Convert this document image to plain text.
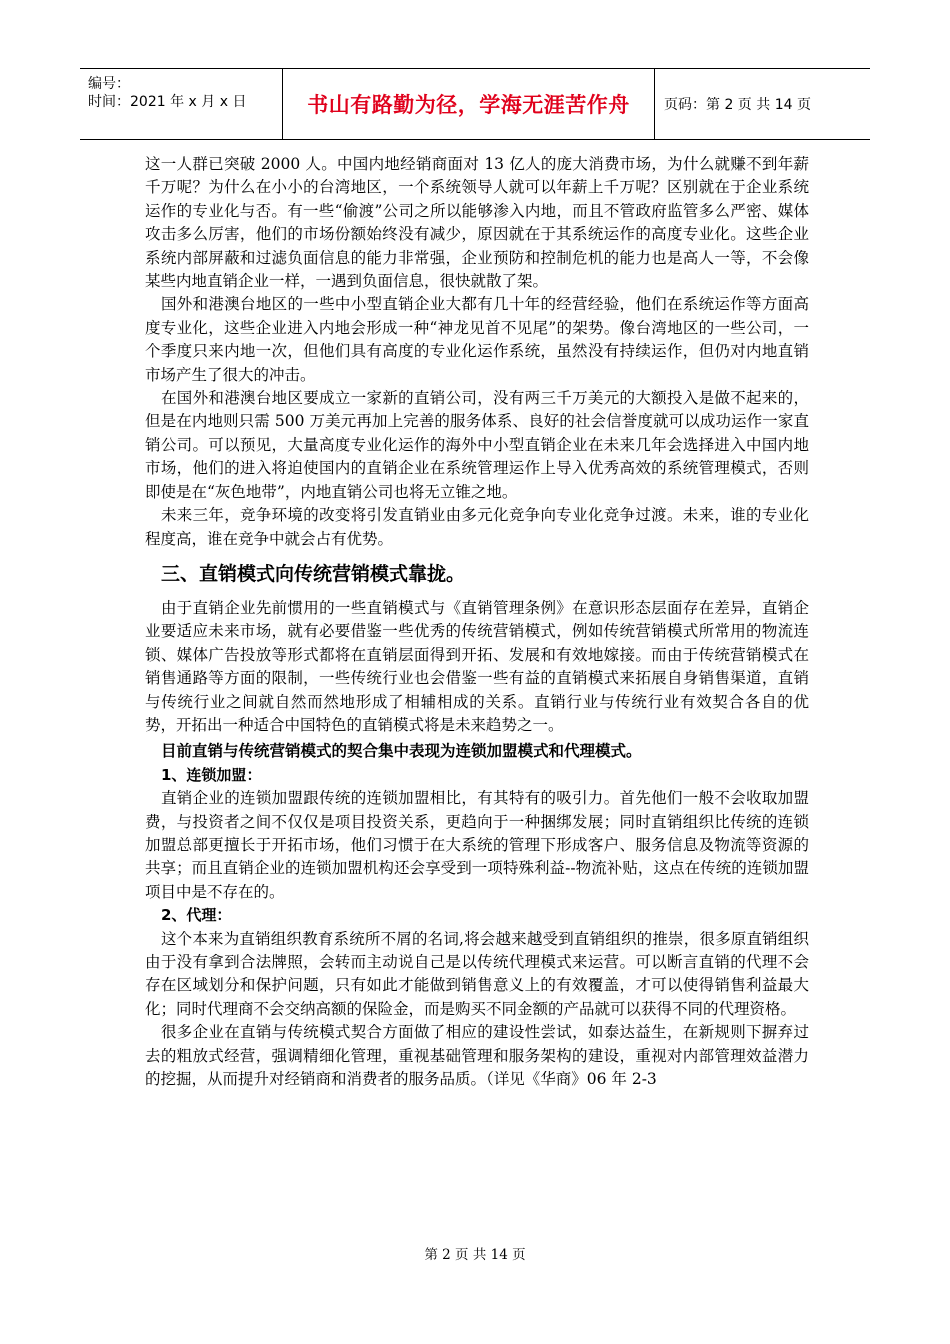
编号：
时间：2021 年 x 月 x 日	书山有路勤为径，学海无涯苦作舟	页码：第 2 页 共 14 页

这一人群已突破 2000 人。中国内地经销商面对 13 亿人的庞大消费市场，为什么就赚不到年薪千万呢？为什么在小小的台湾地区，一个系统领导人就可以年薪上千万呢？区别就在于企业系统运作的专业化与否。有一些“偷渡”公司之所以能够渗入内地，而且不管政府监管多么严密、媒体攻击多么厉害，他们的市场份额始终没有减少，原因就在于其系统运作的高度专业化。这些企业系统内部屏蔽和过滤负面信息的能力非常强，企业预防和控制危机的能力也是高人一等，不会像某些内地直销企业一样，一遇到负面信息，很快就散了架。

国外和港澳台地区的一些中小型直销企业大都有几十年的经营经验，他们在系统运作等方面高度专业化，这些企业进入内地会形成一种“神龙见首不见尾”的架势。像台湾地区的一些公司，一个季度只来内地一次，但他们具有高度的专业化运作系统，虽然没有持续运作，但仍对内地直销市场产生了很大的冲击。

在国外和港澳台地区要成立一家新的直销公司，没有两三千万美元的大额投入是做不起来的，但是在内地则只需 500 万美元再加上完善的服务体系、良好的社会信誉度就可以成功运作一家直销公司。可以预见，大量高度专业化运作的海外中小型直销企业在未来几年会选择进入中国内地市场，他们的进入将迫使国内的直销企业在系统管理运作上导入优秀高效的系统管理模式，否则即使是在“灰色地带”，内地直销公司也将无立锥之地。

未来三年，竞争环境的改变将引发直销业由多元化竞争向专业化竞争过渡。未来，谁的专业化程度高，谁在竞争中就会占有优势。

三、直销模式向传统营销模式靠拢。

由于直销企业先前惯用的一些直销模式与《直销管理条例》在意识形态层面存在差异，直销企业要适应未来市场，就有必要借鉴一些优秀的传统营销模式，例如传统营销模式所常用的物流连锁、媒体广告投放等形式都将在直销层面得到开拓、发展和有效地嫁接。而由于传统营销模式在销售通路等方面的限制，一些传统行业也会借鉴一些有益的直销模式来拓展自身销售渠道，直销与传统行业之间就自然而然地形成了相辅相成的关系。直销行业与传统行业有效契合各自的优势，开拓出一种适合中国特色的直销模式将是未来趋势之一。

目前直销与传统营销模式的契合集中表现为连锁加盟模式和代理模式。

1、连锁加盟：

直销企业的连锁加盟跟传统的连锁加盟相比，有其特有的吸引力。首先他们一般不会收取加盟费，与投资者之间不仅仅是项目投资关系，更趋向于一种捆绑发展；同时直销组织比传统的连锁加盟总部更擅长于开拓市场，他们习惯于在大系统的管理下形成客户、服务信息及物流等资源的共享；而且直销企业的连锁加盟机构还会享受到一项特殊利益--物流补贴，这点在传统的连锁加盟项目中是不存在的。

2、代理：

这个本来为直销组织教育系统所不屑的名词,将会越来越受到直销组织的推崇，很多原直销组织由于没有拿到合法牌照，会转而主动说自己是以传统代理模式来运营。可以断言直销的代理不会存在区域划分和保护问题，只有如此才能做到销售意义上的有效覆盖，才可以使得销售利益最大化；同时代理商不会交纳高额的保险金，而是购买不同金额的产品就可以获得不同的代理资格。

很多企业在直销与传统模式契合方面做了相应的建设性尝试，如泰达益生，在新规则下摒弃过去的粗放式经营，强调精细化管理，重视基础管理和服务架构的建设，重视对内部管理效益潜力的挖掘，从而提升对经销商和消费者的服务品质。（详见《华商》06 年 2-3

第 2 页 共 14 页
